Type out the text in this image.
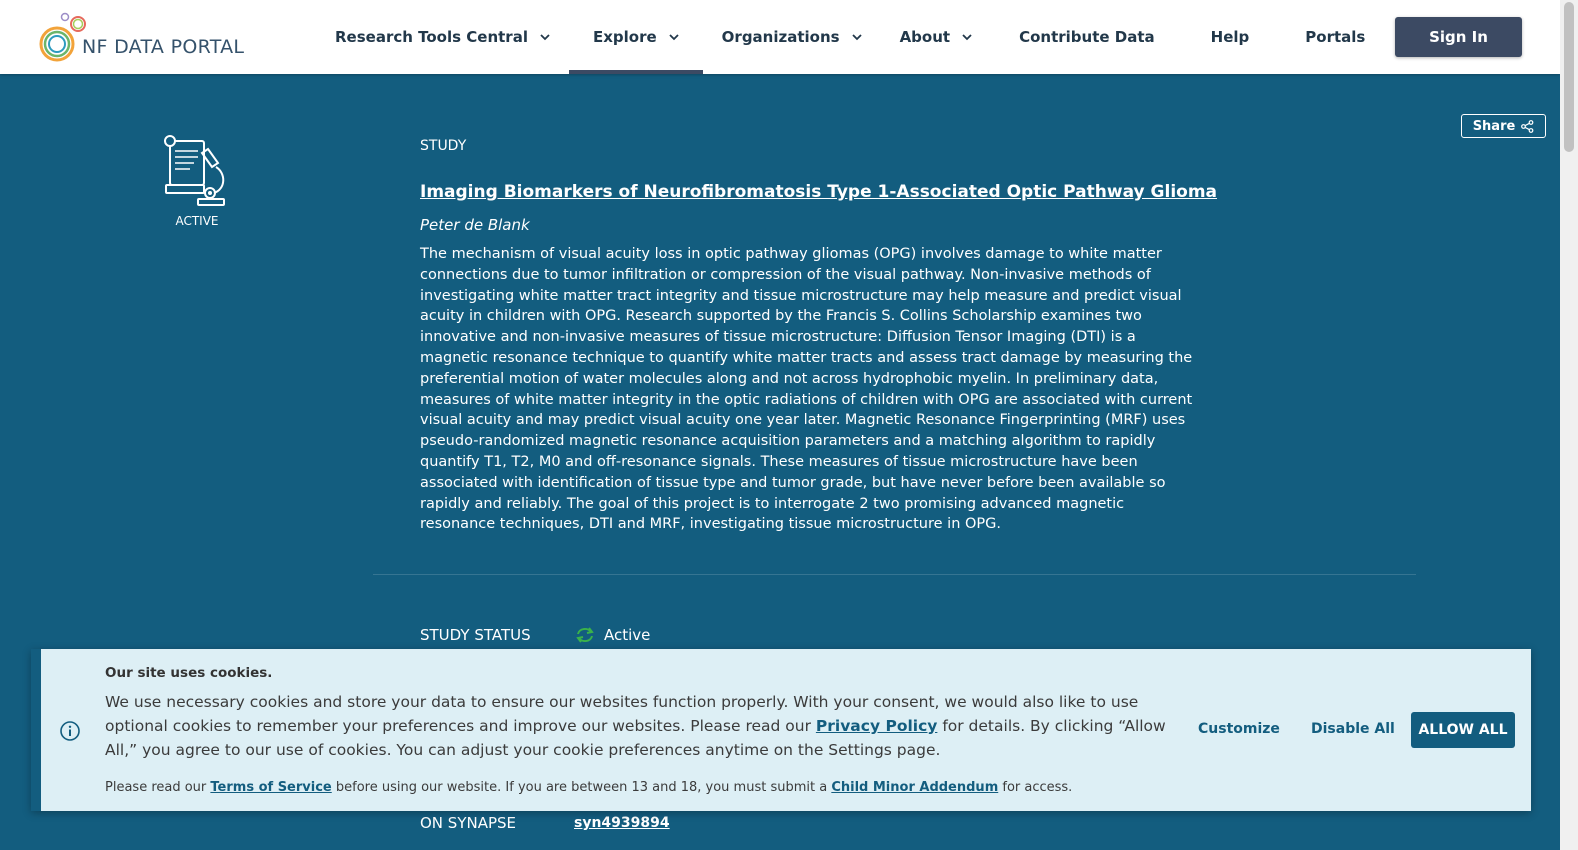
NF DATA PORTAL	Research Tools Central	Explore	Organizations	About	Contribute Data	Help	Portals	Sign In
Share
ACTIVE
STUDY
Imaging Biomarkers of Neurofibromatosis Type 1-Associated Optic Pathway Glioma
Peter de Blank
The mechanism of visual acuity loss in optic pathway gliomas (OPG) involves damage to white matter connections due to tumor infiltration or compression of the visual pathway. Non-invasive methods of investigating white matter tract integrity and tissue microstructure may help measure and predict visual acuity in children with OPG. Research supported by the Francis S. Collins Scholarship examines two innovative and non-invasive measures of tissue microstructure: Diffusion Tensor Imaging (DTI) is a magnetic resonance technique to quantify white matter tracts and assess tract damage by measuring the preferential motion of water molecules along and not across hydrophobic myelin. In preliminary data, measures of white matter integrity in the optic radiations of children with OPG are associated with current visual acuity and may predict visual acuity one year later. Magnetic Resonance Fingerprinting (MRF) uses pseudo-randomized magnetic resonance acquisition parameters and a matching algorithm to rapidly quantify T1, T2, M0 and off-resonance signals. These measures of tissue microstructure have been associated with identification of tissue type and tumor grade, but have never before been available so rapidly and reliably. The goal of this project is to interrogate 2 two promising advanced magnetic resonance techniques, DTI and MRF, investigating tissue microstructure in OPG.
STUDY STATUS	Active
ON SYNAPSE	syn4939894
Our site uses cookies.
We use necessary cookies and store your data to ensure our websites function properly. With your consent, we would also like to use optional cookies to remember your preferences and improve our websites. Please read our Privacy Policy for details. By clicking “Allow All,” you agree to our use of cookies. You can adjust your cookie preferences anytime on the Settings page.
Please read our Terms of Service before using our website. If you are between 13 and 18, you must submit a Child Minor Addendum for access.
Customize Disable All	ALLOW ALL
